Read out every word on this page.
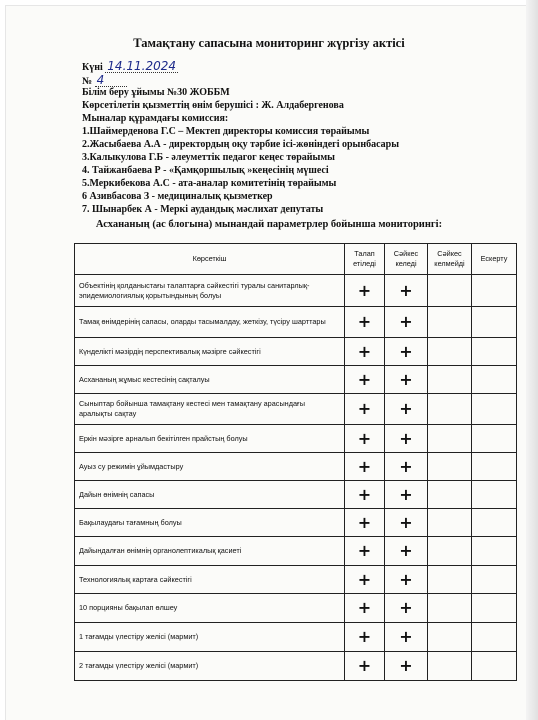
Тамақтану сапасына мониторинг жүргізу актісі
Күні 14.11.2024
№ 4
Білім беру ұйымы №30 ЖОББМ
Көрсетілетін қызметтің өнім берушісі : Ж. Алдабергенова
Мыналар құрамдағы комиссия:
1.Шаймерденова Г.С – Мектеп директоры комиссия төрайымы
2.Жасыбаева А.А - директордың оқу тәрбие ісі-жөніндегі орынбасары
3.Калыкулова Г.Б - әлеуметтік педагог кеңес төрайымы
4. Тайжанбаева Р - «Қамқоршылық »кеңесінің мүшесі
5.Меркибекова А.С - ата-аналар комитетінің төрайымы
6 Азивбасова З - медициналық қызметкер
7. Шынарбек А - Меркі аудандық мәслихат депутаты
Асхананың (ас блогына) мынандай параметрлер бойынша мониторингі:
Көрсеткіш	Талап етіледі	Сәйкес келеді	Сәйкес келмейді	Ескерту
Объектінің қолданыстағы талаптарға сәйкестігі туралы санитарлық-эпидемиологиялық қорытындының болуы	+	+		
Тамақ өнімдерінің сапасы, оларды тасымалдау, жеткізу, түсіру шарттары	+	+		
Күнделікті мәзірдің перспективалық мәзірге сәйкестігі	+	+		
Асхананың жұмыс кестесінің сақталуы	+	+		
Сыныптар бойынша тамақтану кестесі мен тамақтану арасындағы аралықты сақтау	+	+		
Еркін мәзірге арналып бекітілген прайстың болуы	+	+		
Ауыз су режимін ұйымдастыру	+	+		
Дайын өнімнің сапасы	+	+		
Бақылаудағы тағамның болуы	+	+		
Дайындалған өнімнің органолептикалық қасиеті	+	+		
Технологиялық картаға сәйкестігі	+	+		
10 порцияны бақылап өлшеу	+	+		
1 тағамды үлестіру желісі (мармит)	+	+		
2 тағамды үлестіру желісі (мармит)	+	+		
